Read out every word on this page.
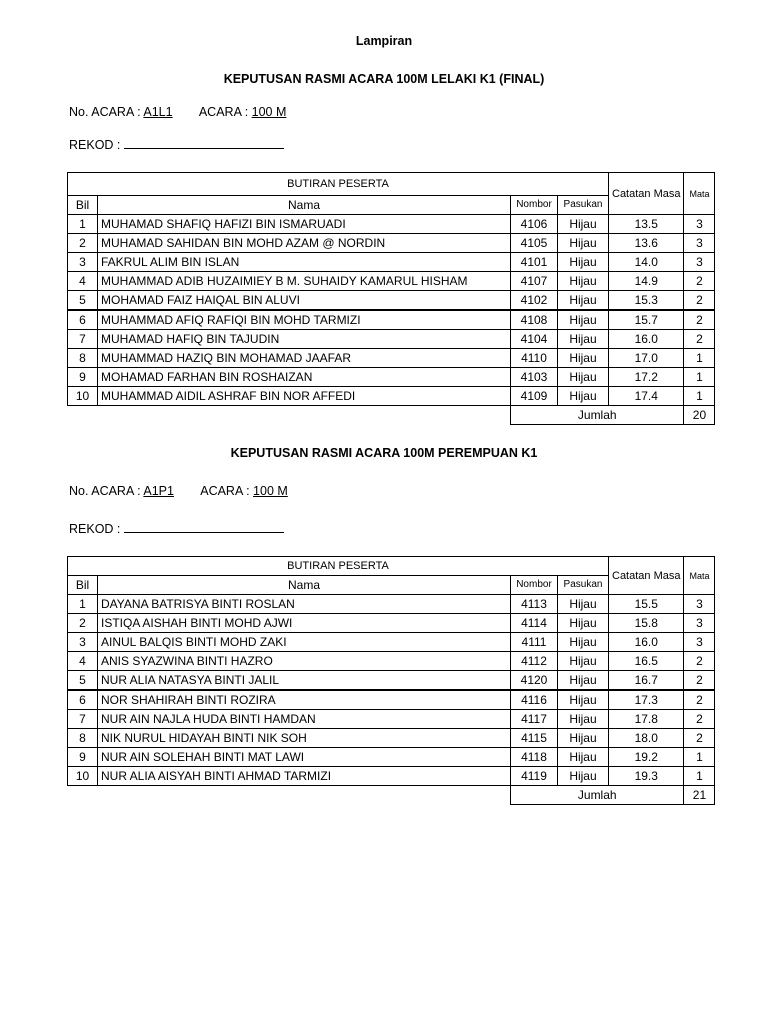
Lampiran
KEPUTUSAN RASMI ACARA 100M LELAKI K1 (FINAL)
No. ACARA : A1L1 ACARA : 100 M
REKOD :
BUTIRAN PESERTA				Catatan Masa	Mata
Bil	Nama	Nombor	Pasukan		
1	MUHAMAD SHAFIQ HAFIZI BIN ISMARUADI	4106	Hijau	13.5	3
2	MUHAMAD SAHIDAN BIN MOHD AZAM @ NORDIN	4105	Hijau	13.6	3
3	FAKRUL ALIM BIN ISLAN	4101	Hijau	14.0	3
4	MUHAMMAD ADIB HUZAIMIEY B M. SUHAIDY KAMARUL HISHAM	4107	Hijau	14.9	2
5	MOHAMAD FAIZ HAIQAL BIN ALUVI	4102	Hijau	15.3	2
6	MUHAMMAD AFIQ RAFIQI BIN MOHD TARMIZI	4108	Hijau	15.7	2
7	MUHAMAD HAFIQ BIN TAJUDIN	4104	Hijau	16.0	2
8	MUHAMMAD HAZIQ BIN MOHAMAD JAAFAR	4110	Hijau	17.0	1
9	MOHAMAD FARHAN BIN ROSHAIZAN	4103	Hijau	17.2	1
10	MUHAMMAD AIDIL ASHRAF BIN NOR AFFEDI	4109	Hijau	17.4	1
		Jumlah			20
KEPUTUSAN RASMI ACARA 100M PEREMPUAN K1
No. ACARA : A1P1 ACARA : 100 M
REKOD :
BUTIRAN PESERTA				Catatan Masa	Mata
Bil	Nama	Nombor	Pasukan		
1	DAYANA BATRISYA BINTI ROSLAN	4113	Hijau	15.5	3
2	ISTIQA AISHAH BINTI MOHD AJWI	4114	Hijau	15.8	3
3	AINUL BALQIS BINTI MOHD ZAKI	4111	Hijau	16.0	3
4	ANIS SYAZWINA BINTI HAZRO	4112	Hijau	16.5	2
5	NUR ALIA NATASYA BINTI JALIL	4120	Hijau	16.7	2
6	NOR SHAHIRAH BINTI ROZIRA	4116	Hijau	17.3	2
7	NUR AIN NAJLA HUDA BINTI HAMDAN	4117	Hijau	17.8	2
8	NIK NURUL HIDAYAH BINTI NIK SOH	4115	Hijau	18.0	2
9	NUR AIN SOLEHAH BINTI MAT LAWI	4118	Hijau	19.2	1
10	NUR ALIA AISYAH BINTI AHMAD TARMIZI	4119	Hijau	19.3	1
		Jumlah			21
